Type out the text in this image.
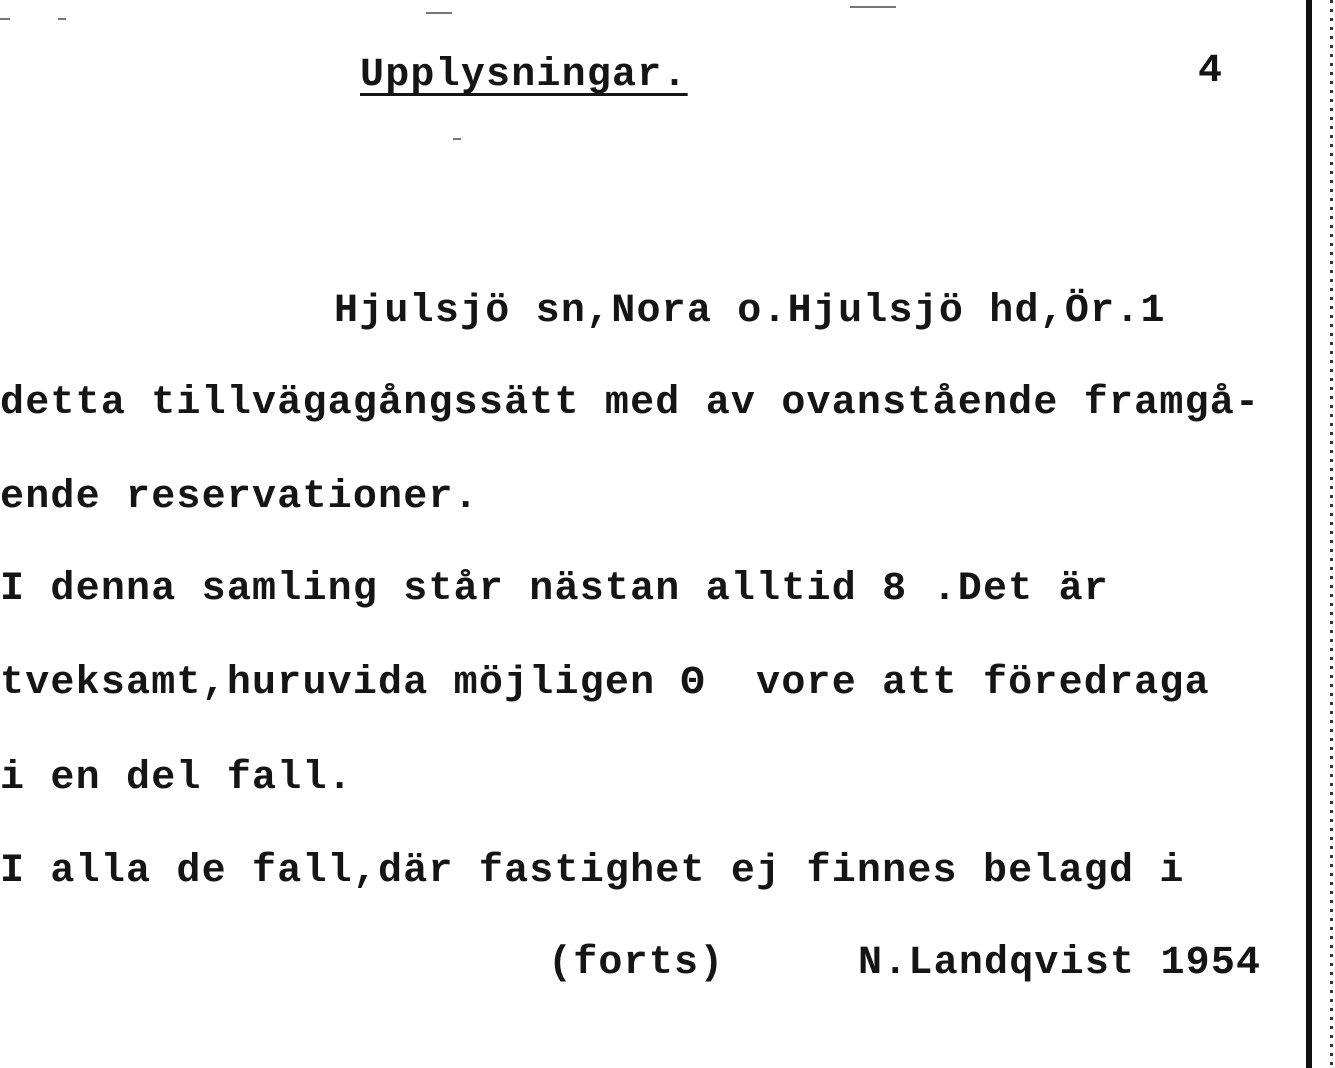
Upplysningar.	4
Hjulsjö sn,Nora o.Hjulsjö hd,Ör.1
detta tillvägagångssätt med av ovanstående framgå-
ende reservationer.
I denna samling står nästan alltid 8 .Det är
tveksamt,huruvida möjligen Θ  vore att föredraga
i en del fall.
I alla de fall,där fastighet ej finnes belagd i
(forts)	N.Landqvist 1954
